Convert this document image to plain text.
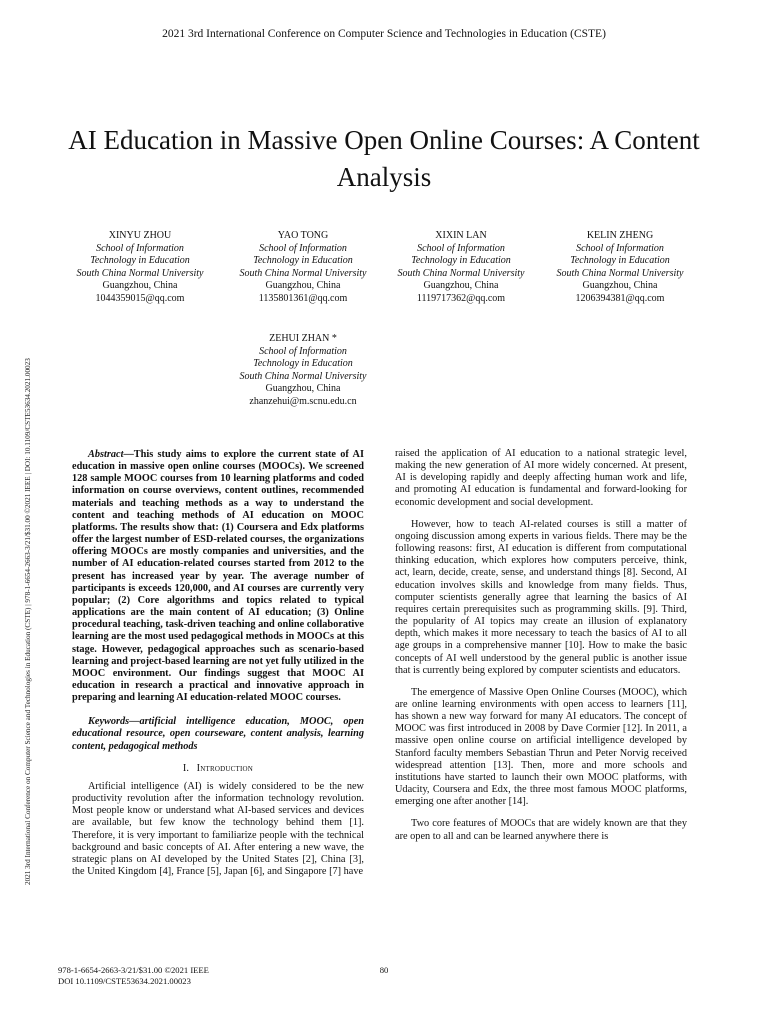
2021 3rd International Conference on Computer Science and Technologies in Education (CSTE)
2021 3rd International Conference on Computer Science and Technologies in Education (CSTE) | 978-1-6654-2663-3/21/$31.00 ©2021 IEEE | DOI: 10.1109/CSTE53634.2021.00023
AI Education in Massive Open Online Courses: A Content Analysis
XINYU ZHOU
School of Information
Technology in Education
South China Normal University
Guangzhou, China
1044359015@qq.com
YAO TONG
School of Information
Technology in Education
South China Normal University
Guangzhou, China
1135801361@qq.com
XIXIN LAN
School of Information
Technology in Education
South China Normal University
Guangzhou, China
1119717362@qq.com
KELIN ZHENG
School of Information
Technology in Education
South China Normal University
Guangzhou, China
1206394381@qq.com
ZEHUI ZHAN *
School of Information
Technology in Education
South China Normal University
Guangzhou, China
zhanzehui@m.scnu.edu.cn

Abstract—This study aims to explore the current state of AI education in massive open online courses (MOOCs). We screened 128 sample MOOC courses from 10 learning platforms and coded information on course overviews, content outlines, recommended materials and teaching methods as a way to understand the content and teaching methods of AI education on MOOC platforms. The results show that: (1) Coursera and Edx platforms offer the largest number of ESD-related courses, the organizations offering MOOCs are mostly companies and universities, and the number of AI education-related courses started from 2012 to the present has increased year by year. The average number of participants is exceeds 120,000, and AI courses are currently very popular; (2) Core algorithms and topics related to typical applications are the main content of AI education; (3) Online procedural teaching, task-driven teaching and online collaborative learning are the most used pedagogical methods in MOOCs at this stage. However, pedagogical approaches such as scenario-based learning and project-based learning are not yet fully utilized in the MOOC environment. Our findings suggest that MOOC AI education in research a practical and innovative approach in preparing and learning AI education-related MOOC courses.

Keywords—artificial intelligence education, MOOC, open educational resource, open courseware, content analysis, learning content, pedagogical methods

I. Introduction

Artificial intelligence (AI) is widely considered to be the new productivity revolution after the information technology revolution. Most people know or understand what AI-based services and devices are available, but few know the technology behind them [1]. Therefore, it is very important to familiarize people with the technical background and basic concepts of AI. After entering a new wave, the strategic plans on AI developed by the United States [2], China [3], the United Kingdom [4], France [5], Japan [6], and Singapore [7] have

raised the application of AI education to a national strategic level, making the new generation of AI more widely concerned. At present, AI is developing rapidly and deeply affecting human work and life, and promoting AI education is fundamental and forward-looking for economic development and social development.

However, how to teach AI-related courses is still a matter of ongoing discussion among experts in various fields. There may be the following reasons: first, AI education is different from computational thinking education, which explores how computers perceive, think, act, learn, decide, create, sense, and understand things [8]. Second, AI education involves skills and knowledge from many fields. Thus, computer scientists generally agree that learning the basics of AI requires certain prerequisites such as programming skills. [9]. Third, the popularity of AI topics may create an illusion of explanatory depth, which makes it more necessary to teach the basics of AI to all age groups in a comprehensive manner [10]. How to make the basic concepts of AI well understood by the general public is another issue that is currently being explored by computer scientists and educators.

The emergence of Massive Open Online Courses (MOOC), which are online learning environments with open access to learners [11], has shown a new way forward for many AI educators. The concept of MOOC was first introduced in 2008 by Dave Cormier [12]. In 2011, a massive open online course on artificial intelligence developed by Stanford faculty members Sebastian Thrun and Peter Norvig received widespread attention [13]. Then, more and more schools and institutions have started to launch their own MOOC platforms, with Udacity, Coursera and Edx, the three most famous MOOC platforms, emerging one after another [14].

Two core features of MOOCs that are widely known are that they are open to all and can be learned anywhere there is

978-1-6654-2663-3/21/$31.00 ©2021 IEEE
DOI 10.1109/CSTE53634.2021.00023
80
